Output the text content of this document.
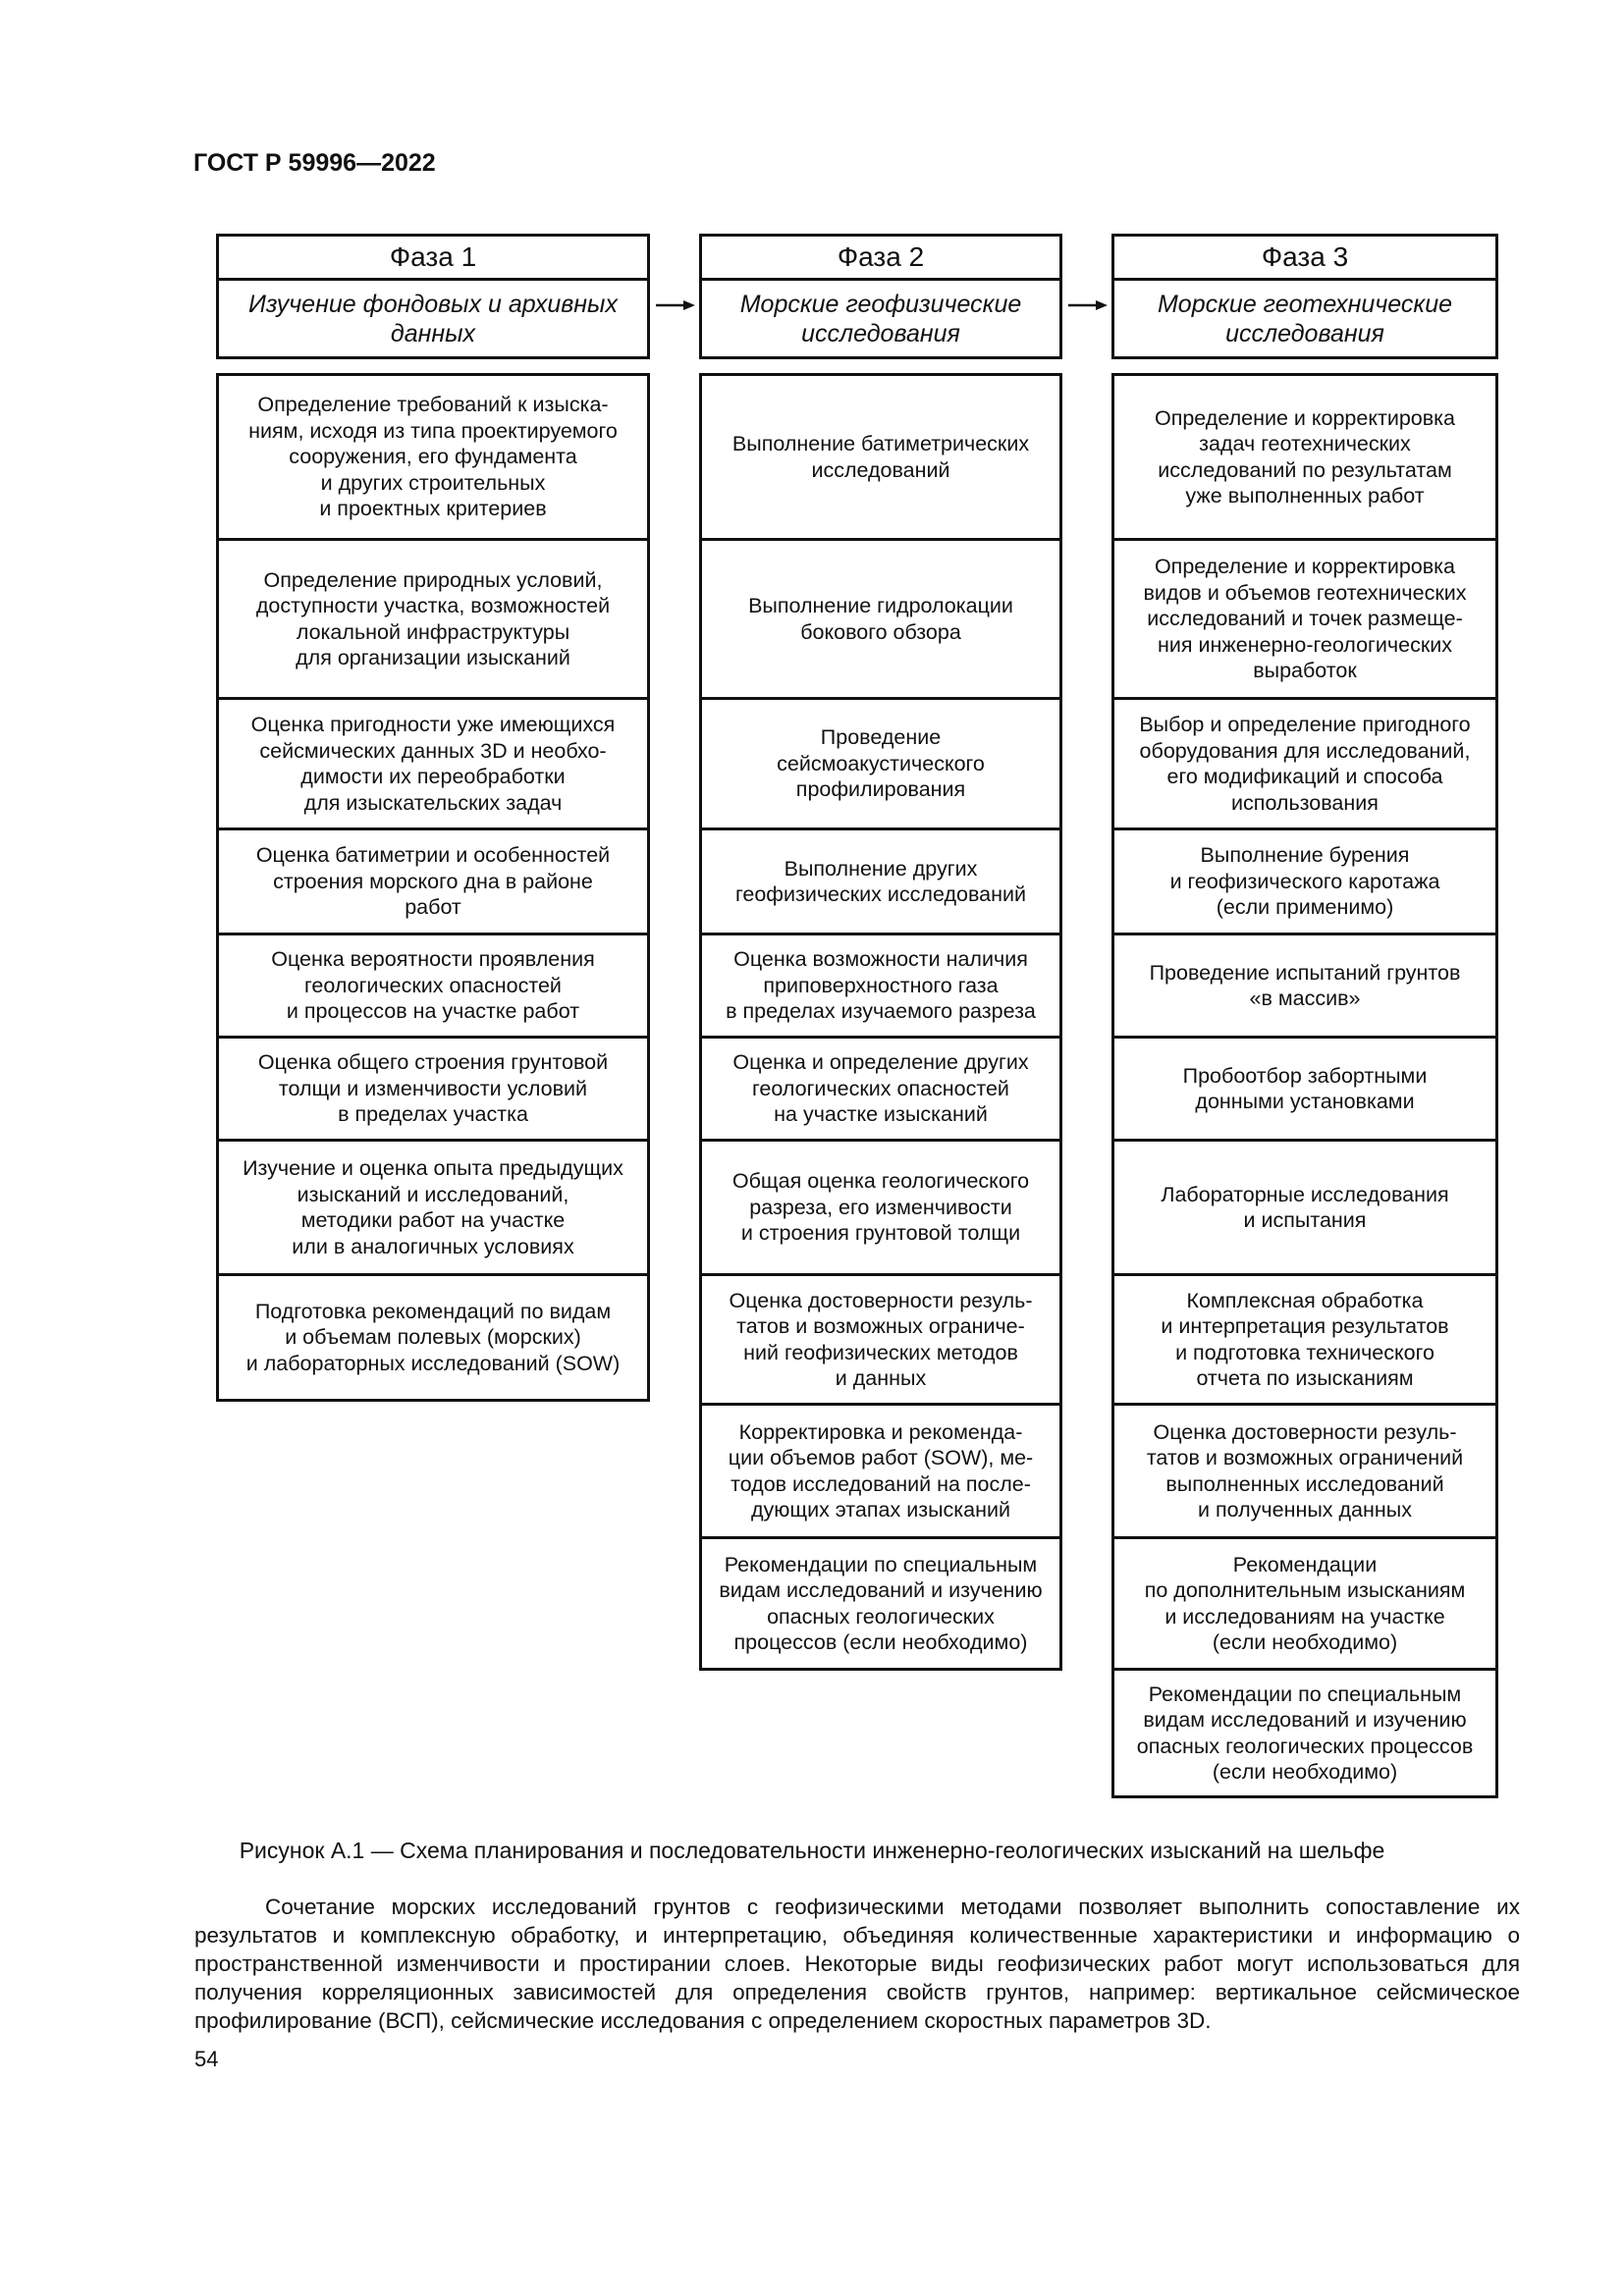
ГОСТ Р 59996—2022
Фаза 1
Изучение фондовых и архивных данных
Фаза 2
Морские геофизические исследования
Фаза 3
Морские геотехнические исследования
Определение требований к изыска-
ниям, исходя из типа проектируемого
сооружения, его фундамента
и других строительных
и проектных критериев
Определение природных условий,
доступности участка, возможностей
локальной инфраструктуры
для организации изысканий
Оценка пригодности уже имеющихся
сейсмических данных 3D и необхо-
димости их переобработки
для изыскательских задач
Оценка батиметрии и особенностей
строения морского дна в районе
работ
Оценка вероятности проявления
геологических опасностей
и процессов на участке работ
Оценка общего строения грунтовой
толщи и изменчивости условий
в пределах участка
Изучение и оценка опыта предыдущих
изысканий и исследований,
методики работ на участке
или в аналогичных условиях
Подготовка рекомендаций по видам
и объемам полевых (морских)
и лабораторных исследований (SOW)
Выполнение батиметрических
исследований
Выполнение гидролокации
бокового обзора
Проведение
сейсмоакустического
профилирования
Выполнение других
геофизических исследований
Оценка возможности наличия
приповерхностного газа
в пределах изучаемого разреза
Оценка и определение других
геологических опасностей
на участке изысканий
Общая оценка геологического
разреза, его изменчивости
и строения грунтовой толщи
Оценка достоверности резуль-
татов и возможных ограниче-
ний геофизических методов
и данных
Корректировка и рекоменда-
ции объемов работ (SOW), ме-
тодов исследований на после-
дующих этапах изысканий
Рекомендации по специальным
видам исследований и изучению
опасных геологических
процессов (если необходимо)
Определение и корректировка
задач геотехнических
исследований по результатам
уже выполненных работ
Определение и корректировка
видов и объемов геотехнических
исследований и точек размеще-
ния инженерно-геологических
выработок
Выбор и определение пригодного
оборудования для исследований,
его модификаций и способа
использования
Выполнение бурения
и геофизического каротажа
(если применимо)
Проведение испытаний грунтов
«в массив»
Пробоотбор забортными
донными установками
Лабораторные исследования
и испытания
Комплексная обработка
и интерпретация результатов
и подготовка технического
отчета по изысканиям
Оценка достоверности резуль-
татов и возможных ограничений
выполненных исследований
и полученных данных
Рекомендации
по дополнительным изысканиям
и исследованиям на участке
(если необходимо)
Рекомендации по специальным
видам исследований и изучению
опасных геологических процессов
(если необходимо)
Рисунок А.1 — Схема планирования и последовательности инженерно-геологических изысканий на шельфе

Сочетание морских исследований грунтов с геофизическими методами позволяет выполнить сопоставление их результатов и комплексную обработку, и интерпретацию, объединяя количественные характеристики и информацию о пространственной изменчивости и простирании слоев. Некоторые виды геофизических работ могут использоваться для получения корреляционных зависимостей для определения свойств грунтов, например: вертикальное сейсмическое профилирование (ВСП), сейсмические исследования с определением скоростных параметров 3D.

54
